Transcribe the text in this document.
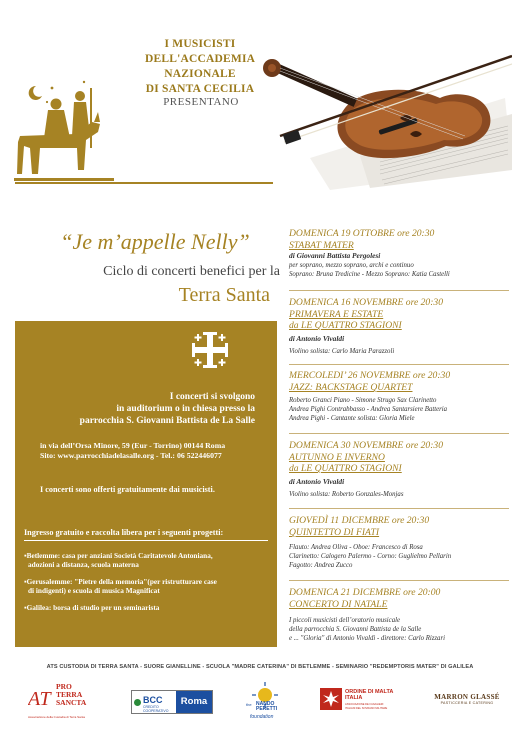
I MUSICISTI
DELL'ACCADEMIA NAZIONALE
DI SANTA CECILIA
PRESENTANO
“Je m’appelle Nelly”
Ciclo di concerti benefici per la
Terra Santa
I concerti si svolgono
in auditorium o in chiesa presso la
parrocchia S. Giovanni Battista de La Salle
in via dell’Orsa Minore, 59 (Eur - Torrino) 00144 Roma
Sito: www.parrocchiadelasalle.org - Tel.: 06 522446077
I concerti sono offerti gratuitamente dai musicisti.
Ingresso gratuito e raccolta libera per i seguenti progetti:
▪Betlemme: casa per anziani Società Caritatevole Antoniana,
adozioni a distanza, scuola materna
▪Gerusalemme: "Pietre della memoria"(per ristrutturare case
di indigenti) e scuola di musica Magnificat
▪Galilea: borsa di studio per un seminarista
DOMENICA 19 OTTOBRE ore 20:30
STABAT MATER
di Giovanni Battista Pergolesi
per soprano, mezzo soprano, archi e continuo
Soprano: Bruna Tredicine - Mezzo Soprano: Katia Castelli
DOMENICA 16 NOVEMBRE ore 20:30
PRIMAVERA E ESTATE
da LE QUATTRO STAGIONI
di Antonio Vivaldi
Violino solista: Carlo Maria Parazzoli
MERCOLEDI’ 26 NOVEMBRE ore 20:30
JAZZ: BACKSTAGE QUARTET
Roberto Granci Piano - Simone Strugo Sax Clarinetto
Andrea Pighi Contrabbasso - Andrea Santarsiere Batteria
Andrea Pighi - Cantante solista: Gloria Miele
DOMENICA 30 NOVEMBRE ore 20:30
AUTUNNO E INVERNO
da LE QUATTRO STAGIONI
di Antonio Vivaldi
Violino solista: Roberto Gonzales-Monjas
GIOVEDÌ 11 DICEMBRE ore 20:30
QUINTETTO DI FIATI
Flauto: Andrea Oliva - Oboe: Francesco di Rosa
Clarinetto: Calogero Palermo - Corno: Guglielmo Pellarin
Fagotto: Andrea Zucco
DOMENICA 21 DICEMBRE ore 20:00
CONCERTO DI NATALE
I piccoli musicisti dell’oratorio musicale
della parrocchia S. Giovanni Battista de la Salle
e ... "Gloria" di Antonio Vivaldi - direttore: Carlo Rizzari
ATS CUSTODIA DI TERRA SANTA - SUORE GIANELLINE - SCUOLA "MADRE CATERINA" DI BETLEMME - SEMINARIO "REDEMPTORIS MATER" DI GALILEA
AT
PRO
TERRA
SANCTA
Associazione della Custodia di Terra Santa
BCC
CREDITO COOPERATIVO
Roma	the NANDO
PERETTI
foundation
ORDINE DI MALTA
ITALIA
ASSOCIAZIONE DEI CAVALIERI
ITALIANI DEL SOVRANO MILITARE
MARRON GLASSÉ
PASTICCERIA E CATERING
